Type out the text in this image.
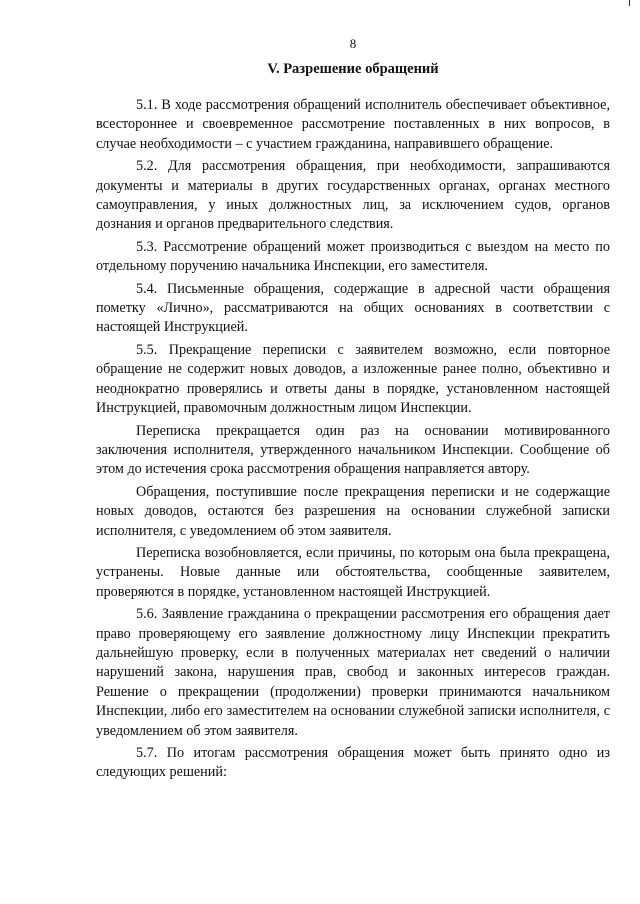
8
V. Разрешение обращений

5.1. В ходе рассмотрения обращений исполнитель обеспечивает объективное, всестороннее и своевременное рассмотрение поставленных в них вопросов, в случае необходимости – с участием гражданина, направившего обращение.

5.2. Для рассмотрения обращения, при необходимости, запрашиваются документы и материалы в других государственных органах, органах местного самоуправления, у иных должностных лиц, за исключением судов, органов дознания и органов предварительного следствия.

5.3. Рассмотрение обращений может производиться с выездом на место по отдельному поручению начальника Инспекции, его заместителя.

5.4. Письменные обращения, содержащие в адресной части обращения пометку «Лично», рассматриваются на общих основаниях в соответствии с настоящей Инструкцией.

5.5. Прекращение переписки с заявителем возможно, если повторное обращение не содержит новых доводов, а изложенные ранее полно, объективно и неоднократно проверялись и ответы даны в порядке, установленном настоящей Инструкцией, правомочным должностным лицом Инспекции.

Переписка прекращается один раз на основании мотивированного заключения исполнителя, утвержденного начальником Инспекции. Сообщение об этом до истечения срока рассмотрения обращения направляется автору.

Обращения, поступившие после прекращения переписки и не содержащие новых доводов, остаются без разрешения на основании служебной записки исполнителя, с уведомлением об этом заявителя.

Переписка возобновляется, если причины, по которым она была прекращена, устранены. Новые данные или обстоятельства, сообщенные заявителем, проверяются в порядке, установленном настоящей Инструкцией.

5.6. Заявление гражданина о прекращении рассмотрения его обращения дает право проверяющему его заявление должностному лицу Инспекции прекратить дальнейшую проверку, если в полученных материалах нет сведений о наличии нарушений закона, нарушения прав, свобод и законных интересов граждан. Решение о прекращении (продолжении) проверки принимаются начальником Инспекции, либо его заместителем на основании служебной записки исполнителя, с уведомлением об этом заявителя.

5.7. По итогам рассмотрения обращения может быть принято одно из следующих решений:
